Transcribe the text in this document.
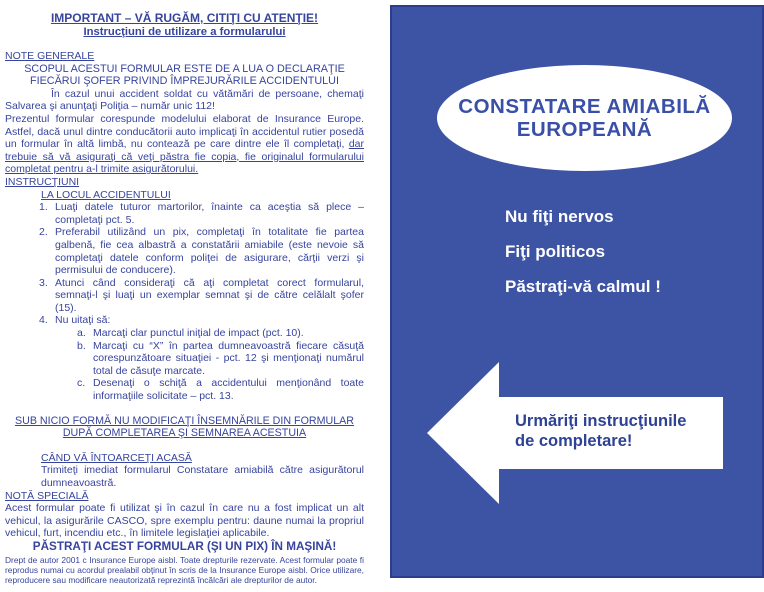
IMPORTANT – VĂ RUGĂM, CITIŢI CU ATENŢIE!
Instrucţiuni de utilizare a formularului
NOTE GENERALE
SCOPUL ACESTUI FORMULAR ESTE DE A LUA O DECLARAŢIE
FIECĂRUI ŞOFER PRIVIND ÎMPREJURĂRILE ACCIDENTULUI

În cazul unui accident soldat cu vătămări de persoane, chemaţi Salvarea şi anunţaţi Poliţia – număr unic 112!

Prezentul formular corespunde modelului elaborat de Insurance Europe. Astfel, dacă unul dintre conducătorii auto implicaţi în accidentul rutier posedă un formular în altă limbă, nu contează pe care dintre ele îl completaţi, dar trebuie să vă asiguraţi că veţi păstra fie copia, fie originalul formularului completat pentru a-l trimite asigurătorului.

INSTRUCŢIUNI
LA LOCUL ACCIDENTULUI
1. Luaţi datele tuturor martorilor, înainte ca aceştia să plece – completaţi pct. 5.
2. Preferabil utilizând un pix, completaţi în totalitate fie partea galbenă, fie cea albastră a constatării amiabile (este nevoie să completaţi datele conform poliţei de asigurare, cărţii verzi şi permisului de conducere).
3. Atunci când consideraţi că aţi completat corect formularul, semnaţi-l şi luaţi un exemplar semnat şi de către celălalt şofer (15).
4. Nu uitaţi să:
a. Marcaţi clar punctul iniţial de impact (pct. 10).
b. Marcaţi cu “X” în partea dumneavoastră fiecare căsuţă corespunzătoare situaţiei - pct. 12 şi menţionaţi numărul total de căsuţe marcate.
c. Desenaţi o schiţă a accidentului menţionând toate informaţiile solicitate – pct. 13.
SUB NICIO FORMĂ NU MODIFICAŢI ÎNSEMNĂRILE DIN FORMULAR
DUPĂ COMPLETAREA ŞI SEMNAREA ACESTUIA
CÂND VĂ ÎNTOARCEŢI ACASĂ
Trimiteţi imediat formularul Constatare amiabilă către asigurătorul dumneavoastră.
NOTĂ SPECIALĂ
Acest formular poate fi utilizat şi în cazul în care nu a fost implicat un alt vehicul, la asigurările CASCO, spre exemplu pentru: daune numai la propriul vehicul, furt, incendiu etc., în limitele legislaţiei aplicabile.
PĂSTRAŢI ACEST FORMULAR (ŞI UN PIX) ÎN MAŞINĂ!
Drept de autor 2001 c Insurance Europe aisbl. Toate drepturile rezervate. Acest formular poate fi reprodus numai cu acordul prealabil obţinut în scris de la Insurance Europe aisbl. Orice utilizare, reproducere sau modificare neautorizată reprezintă încălcări ale drepturilor de autor.
CONSTATARE AMIABILĂ
EUROPEANĂ
Nu fiţi nervos
Fiţi politicos
Păstraţi-vă calmul !
Urmăriţi instrucţiunile
de completare!
